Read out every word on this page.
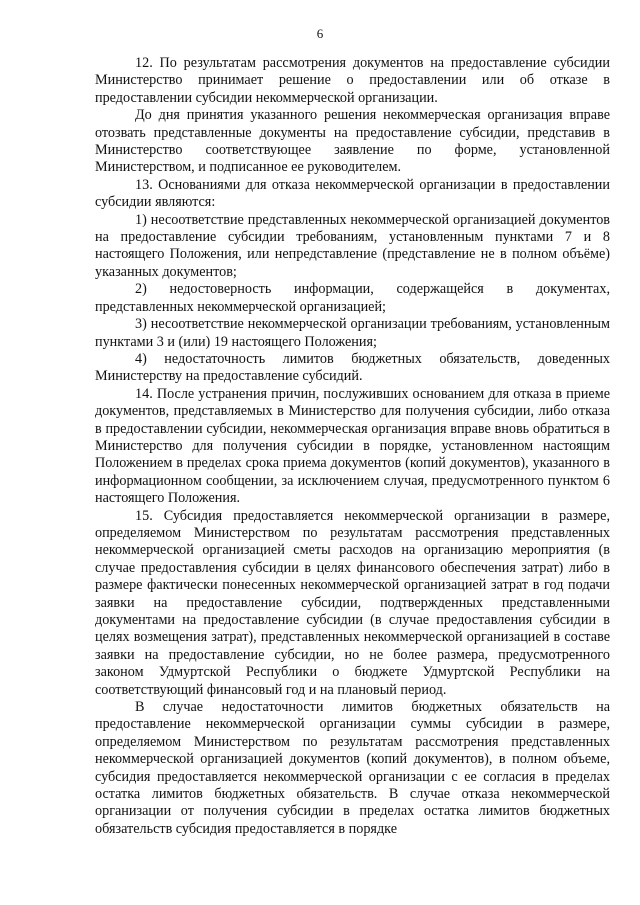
6

12. По результатам рассмотрения документов на предоставление субсидии Министерство принимает решение о предоставлении или об отказе в предоставлении субсидии некоммерческой организации.

До дня принятия указанного решения некоммерческая организация вправе отозвать представленные документы на предоставление субсидии, представив в Министерство соответствующее заявление по форме, установленной Министерством, и подписанное ее руководителем.

13. Основаниями для отказа некоммерческой организации в предоставлении субсидии являются:

1) несоответствие представленных некоммерческой организацией документов на предоставление субсидии требованиям, установленным пунктами 7 и 8 настоящего Положения, или непредставление (представление не в полном объёме) указанных документов;

2) недостоверность информации, содержащейся в документах, представленных некоммерческой организацией;

3) несоответствие некоммерческой организации требованиям, установленным пунктами 3 и (или) 19 настоящего Положения;

4) недостаточность лимитов бюджетных обязательств, доведенных Министерству на предоставление субсидий.

14. После устранения причин, послуживших основанием для отказа в приеме документов, представляемых в Министерство для получения субсидии, либо отказа в предоставлении субсидии, некоммерческая организация вправе вновь обратиться в Министерство для получения субсидии в порядке, установленном настоящим Положением в пределах срока приема документов (копий документов), указанного в информационном сообщении, за исключением случая, предусмотренного пунктом 6 настоящего Положения.

15. Субсидия предоставляется некоммерческой организации в размере, определяемом Министерством по результатам рассмотрения представленных некоммерческой организацией сметы расходов на организацию мероприятия (в случае предоставления субсидии в целях финансового обеспечения затрат) либо в размере фактически понесенных некоммерческой организацией затрат в год подачи заявки на предоставление субсидии, подтвержденных представленными документами на предоставление субсидии (в случае предоставления субсидии в целях возмещения затрат), представленных некоммерческой организацией в составе заявки на предоставление субсидии, но не более размера, предусмотренного законом Удмуртской Республики о бюджете Удмуртской Республики на соответствующий финансовый год и на плановый период.

В случае недостаточности лимитов бюджетных обязательств на предоставление некоммерческой организации суммы субсидии в размере, определяемом Министерством по результатам рассмотрения представленных некоммерческой организацией документов (копий документов), в полном объеме, субсидия предоставляется некоммерческой организации с ее согласия в пределах остатка лимитов бюджетных обязательств. В случае отказа некоммерческой организации от получения субсидии в пределах остатка лимитов бюджетных обязательств субсидия предоставляется в порядке
